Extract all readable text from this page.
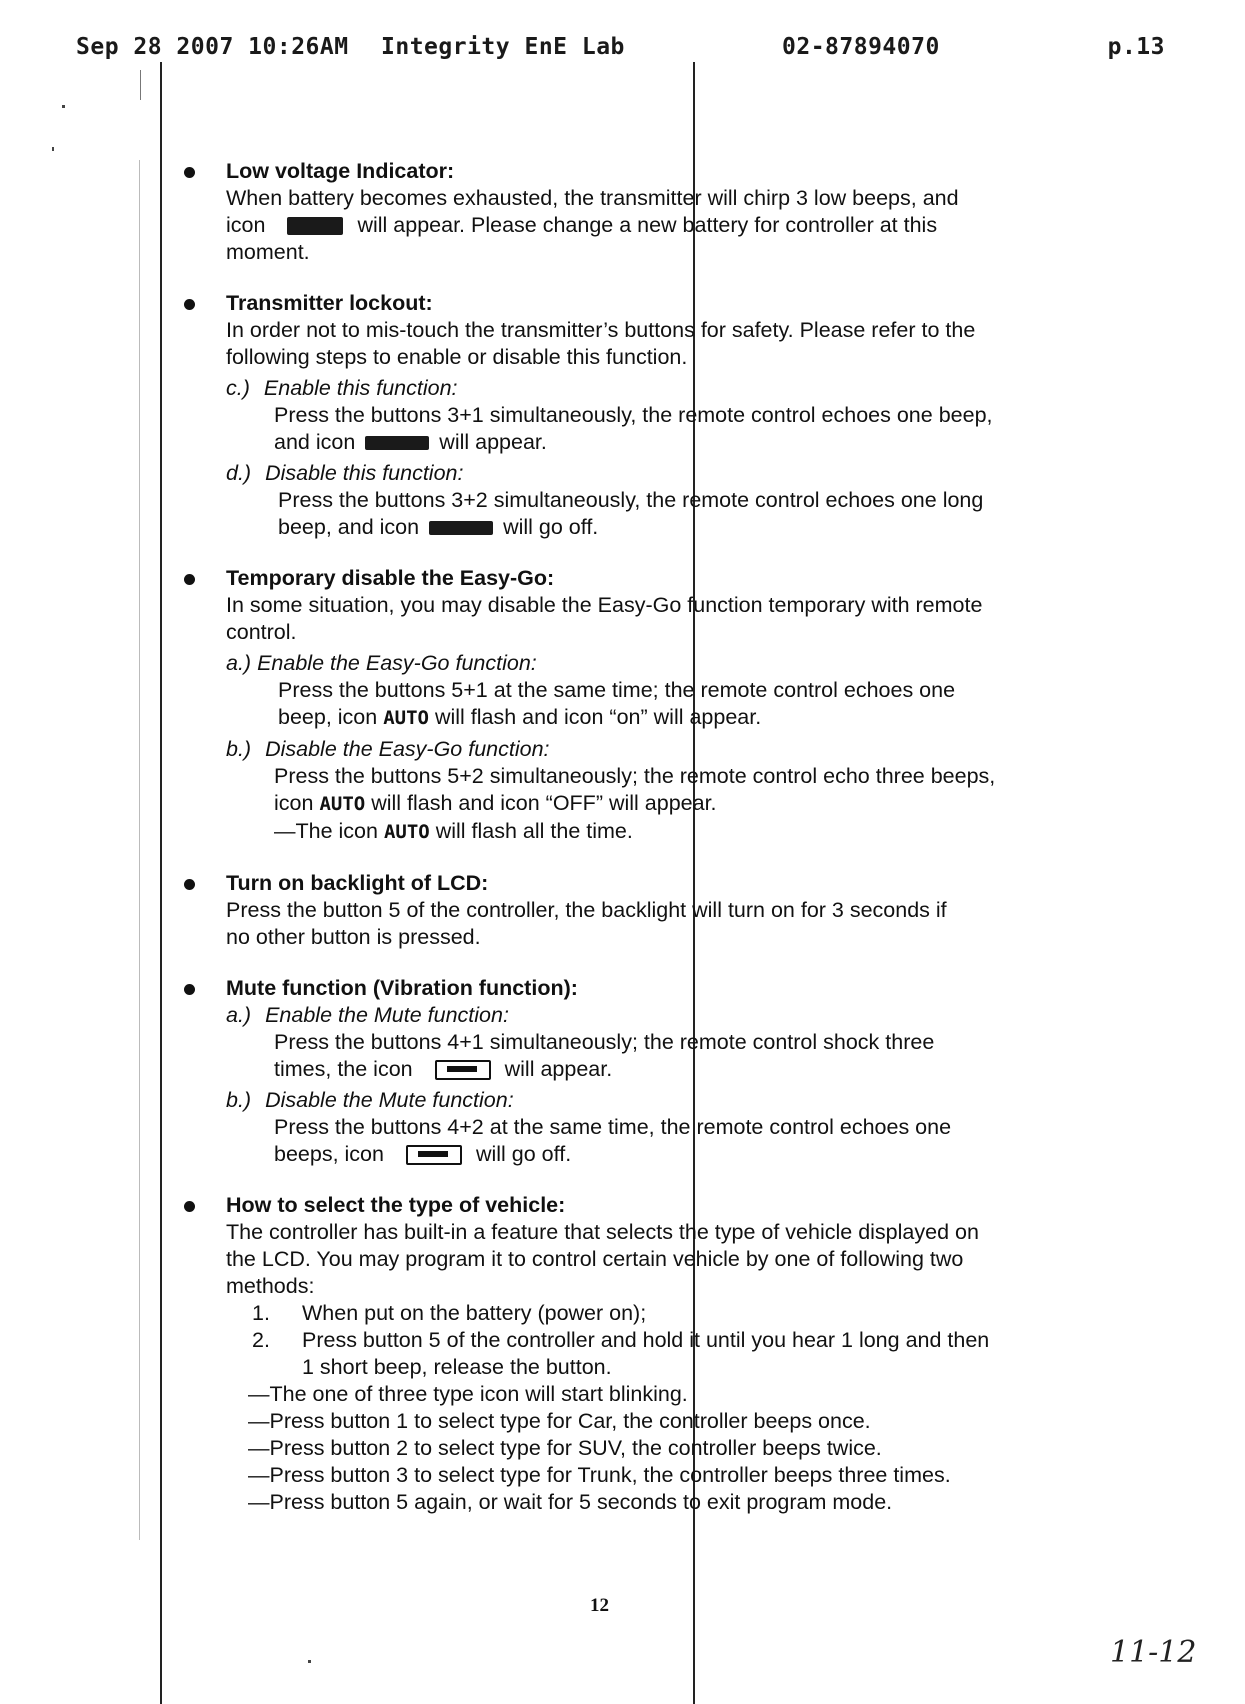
Sep 28 2007 10:26AM Integrity EnE Lab	02-87894070	p.13
Low voltage Indicator:

When battery becomes exhausted, the transmitter will chirp 3 low beeps, and

icon	will appear. Please change a new battery for controller at this

moment.

Transmitter lockout:

In order not to mis-touch the transmitter’s buttons for safety. Please refer to the

following steps to enable or disable this function.

c.) Enable this function:
Press the buttons 3+1 simultaneously, the remote control echoes one beep,
and icon	will appear.
d.) Disable this function:
Press the buttons 3+2 simultaneously, the remote control echoes one long
beep, and icon	will go off.
Temporary disable the Easy-Go:

In some situation, you may disable the Easy-Go function temporary with remote

control.

a.) Enable the Easy-Go function:
Press the buttons 5+1 at the same time; the remote control echoes one
beep, icon AUTO will flash and icon “on” will appear.
b.) Disable the Easy-Go function:
Press the buttons 5+2 simultaneously; the remote control echo three beeps,
icon AUTO will flash and icon “OFF” will appear.
—The icon AUTO will flash all the time.
Turn on backlight of LCD:

Press the button 5 of the controller, the backlight will turn on for 3 seconds if

no other button is pressed.

Mute function (Vibration function):
a.) Enable the Mute function:
Press the buttons 4+1 simultaneously; the remote control shock three
times, the icon	will appear.
b.) Disable the Mute function:
Press the buttons 4+2 at the same time, the remote control echoes one
beeps, icon	will go off.
How to select the type of vehicle:

The controller has built-in a feature that selects the type of vehicle displayed on

the LCD. You may program it to control certain vehicle by one of following two

methods:

1. When put on the battery (power on);
2. Press button 5 of the controller and hold it until you hear 1 long and then
1 short beep, release the button.
—The one of three type icon will start blinking.
—Press button 1 to select type for Car, the controller beeps once.
—Press button 2 to select type for SUV, the controller beeps twice.
—Press button 3 to select type for Trunk, the controller beeps three times.
—Press button 5 again, or wait for 5 seconds to exit program mode.
12
11-12
